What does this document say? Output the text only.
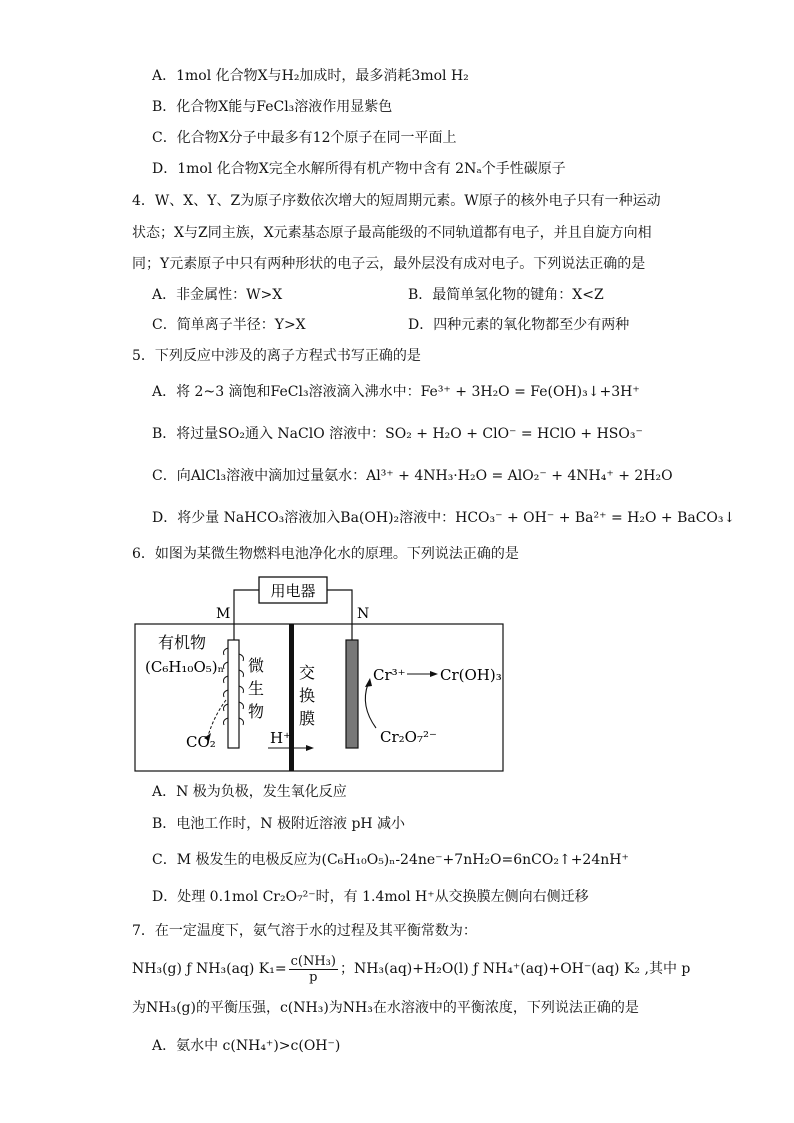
A．1mol 化合物X与H₂加成时，最多消耗3mol H₂
B．化合物X能与FeCl₃溶液作用显紫色
C．化合物X分子中最多有12个原子在同一平面上
D．1mol 化合物X完全水解所得有机产物中含有 2Nₐ个手性碳原子
4．W、X、Y、Z为原子序数依次增大的短周期元素。W原子的核外电子只有一种运动
状态；X与Z同主族，X元素基态原子最高能级的不同轨道都有电子，并且自旋方向相
同；Y元素原子中只有两种形状的电子云，最外层没有成对电子。下列说法正确的是
A．非金属性：W>X	B．最简单氢化物的键角：X<Z
C．简单离子半径：Y>X	D．四种元素的氧化物都至少有两种
5．下列反应中涉及的离子方程式书写正确的是
A．将 2~3 滴饱和FeCl₃溶液滴入沸水中：Fe³⁺ + 3H₂O = Fe(OH)₃↓+3H⁺
B．将过量SO₂通入 NaClO 溶液中：SO₂ + H₂O + ClO⁻ = HClO + HSO₃⁻
C．向AlCl₃溶液中滴加过量氨水：Al³⁺ + 4NH₃·H₂O = AlO₂⁻ + 4NH₄⁺ + 2H₂O
D．将少量 NaHCO₃溶液加入Ba(OH)₂溶液中：HCO₃⁻ + OH⁻ + Ba²⁺ = H₂O + BaCO₃↓
6．如图为某微生物燃料电池净化水的原理。下列说法正确的是
用电器
M	N
有机物
(C₆H₁₀O₅)ₙ 微
生
物
CO₂
交
换
膜
H⁺
Cr³⁺ Cr(OH)₃
Cr₂O₇²⁻
A．N 极为负极，发生氧化反应
B．电池工作时，N 极附近溶液 pH 减小
C．M 极发生的电极反应为(C₆H₁₀O₅)ₙ-24ne⁻+7nH₂O=6nCO₂↑+24nH⁺
D．处理 0.1mol Cr₂O₇²⁻时，有 1.4mol H⁺从交换膜左侧向右侧迁移
7．在一定温度下，氨气溶于水的过程及其平衡常数为：
NH₃(g) ƒ NH₃(aq) $K_1= \frac{\text{c(NH₃)}}{p}$ ；NH₃(aq)+H₂O(l) ƒ NH₄⁺(aq)+OH⁻(aq) K₂ ,其中 p
为NH₃(g)的平衡压强，c(NH₃)为NH₃在水溶液中的平衡浓度，下列说法正确的是
A．氨水中 c(NH₄⁺)>c(OH⁻)
